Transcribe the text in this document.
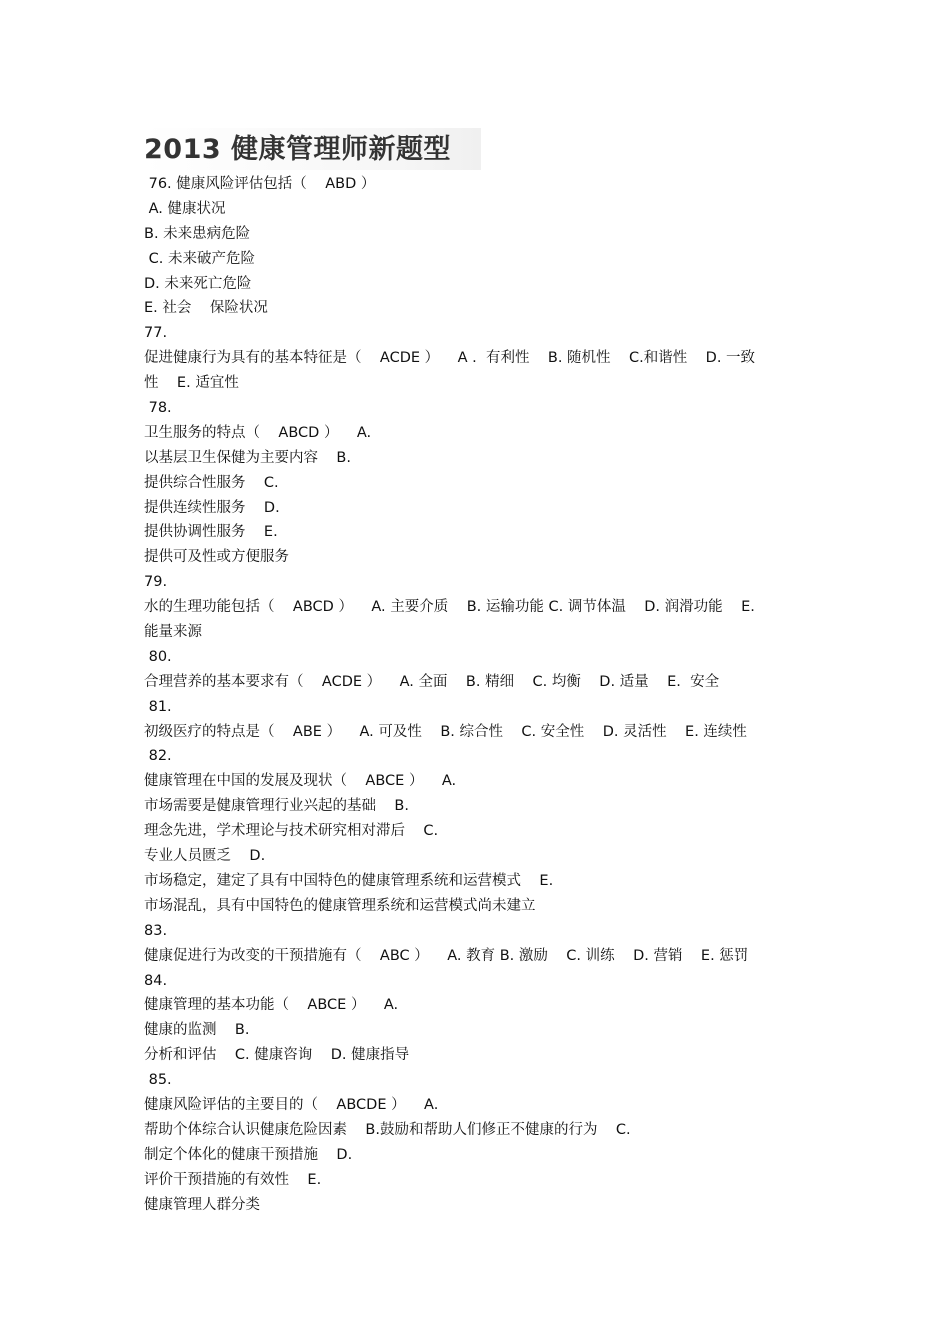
2013 健康管理师新题型
76. 健康风险评估包括（    ABD ）
A. 健康状况
B. 未来患病危险
C. 未来破产危险
D. 未来死亡危险
E. 社会    保险状况
77.
促进健康行为具有的基本特征是（    ACDE ）    A .  有利性    B. 随机性    C.和谐性    D. 一致
性    E. 适宜性
78.
卫生服务的特点（    ABCD ）    A.
以基层卫生保健为主要内容    B.
提供综合性服务    C.
提供连续性服务    D.
提供协调性服务    E.
提供可及性或方便服务
79.
水的生理功能包括（    ABCD ）    A. 主要介质    B. 运输功能 C. 调节体温    D. 润滑功能    E.
能量来源
80.
合理营养的基本要求有（    ACDE ）    A. 全面    B. 精细    C. 均衡    D. 适量    E.  安全
81.
初级医疗的特点是（    ABE ）    A. 可及性    B. 综合性    C. 安全性    D. 灵活性    E. 连续性
82.
健康管理在中国的发展及现状（    ABCE ）    A.
市场需要是健康管理行业兴起的基础    B.
理念先进，学术理论与技术研究相对滞后    C.
专业人员匮乏    D.
市场稳定，建定了具有中国特色的健康管理系统和运营模式    E.
市场混乱，具有中国特色的健康管理系统和运营模式尚未建立
83.
健康促进行为改变的干预措施有（    ABC ）    A. 教育 B. 激励    C. 训练    D. 营销    E. 惩罚
84.
健康管理的基本功能（    ABCE ）    A.
健康的监测    B.
分析和评估    C. 健康咨询    D. 健康指导
85.
健康风险评估的主要目的（    ABCDE ）    A.
帮助个体综合认识健康危险因素    B.鼓励和帮助人们修正不健康的行为    C.
制定个体化的健康干预措施    D.
评价干预措施的有效性    E.
健康管理人群分类
